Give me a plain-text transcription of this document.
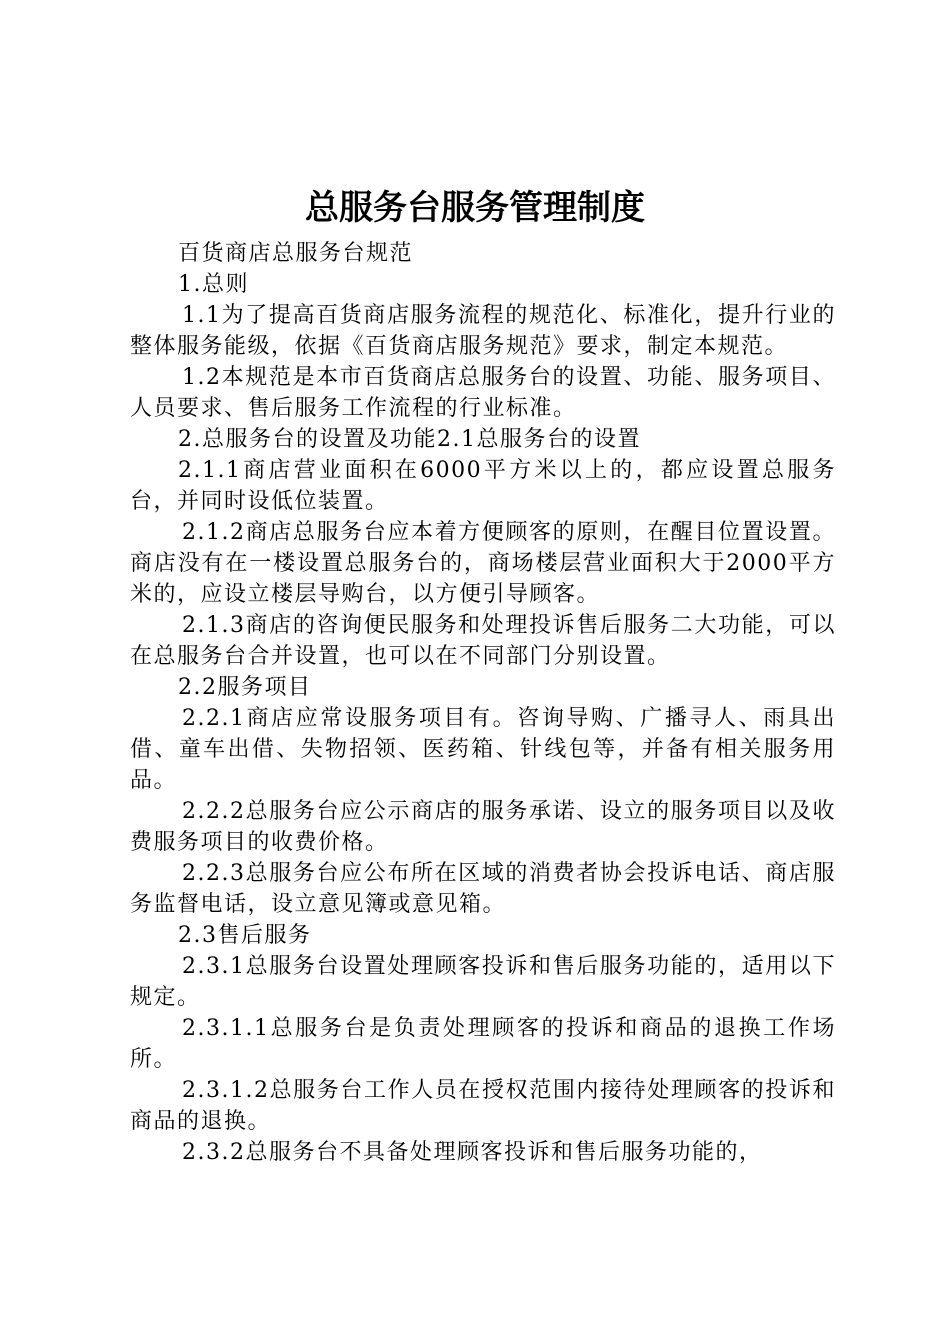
总服务台服务管理制度

百货商店总服务台规范

1.总则

1.1为了提高百货商店服务流程的规范化、标准化，提升行业的整体服务能级，依据《百货商店服务规范》要求，制定本规范。

1.2本规范是本市百货商店总服务台的设置、功能、服务项目、人员要求、售后服务工作流程的行业标准。

2.总服务台的设置及功能2.1总服务台的设置

2.1.1商店营业面积在6000平方米以上的，都应设置总服务台，并同时设低位装置。

2.1.2商店总服务台应本着方便顾客的原则，在醒目位置设置。商店没有在一楼设置总服务台的，商场楼层营业面积大于2000平方米的，应设立楼层导购台，以方便引导顾客。

2.1.3商店的咨询便民服务和处理投诉售后服务二大功能，可以在总服务台合并设置，也可以在不同部门分别设置。

2.2服务项目

2.2.1商店应常设服务项目有。咨询导购、广播寻人、雨具出借、童车出借、失物招领、医药箱、针线包等，并备有相关服务用品。

2.2.2总服务台应公示商店的服务承诺、设立的服务项目以及收费服务项目的收费价格。

2.2.3总服务台应公布所在区域的消费者协会投诉电话、商店服务监督电话，设立意见簿或意见箱。

2.3售后服务

2.3.1总服务台设置处理顾客投诉和售后服务功能的，适用以下规定。

2.3.1.1总服务台是负责处理顾客的投诉和商品的退换工作场所。

2.3.1.2总服务台工作人员在授权范围内接待处理顾客的投诉和商品的退换。

2.3.2总服务台不具备处理顾客投诉和售后服务功能的，
